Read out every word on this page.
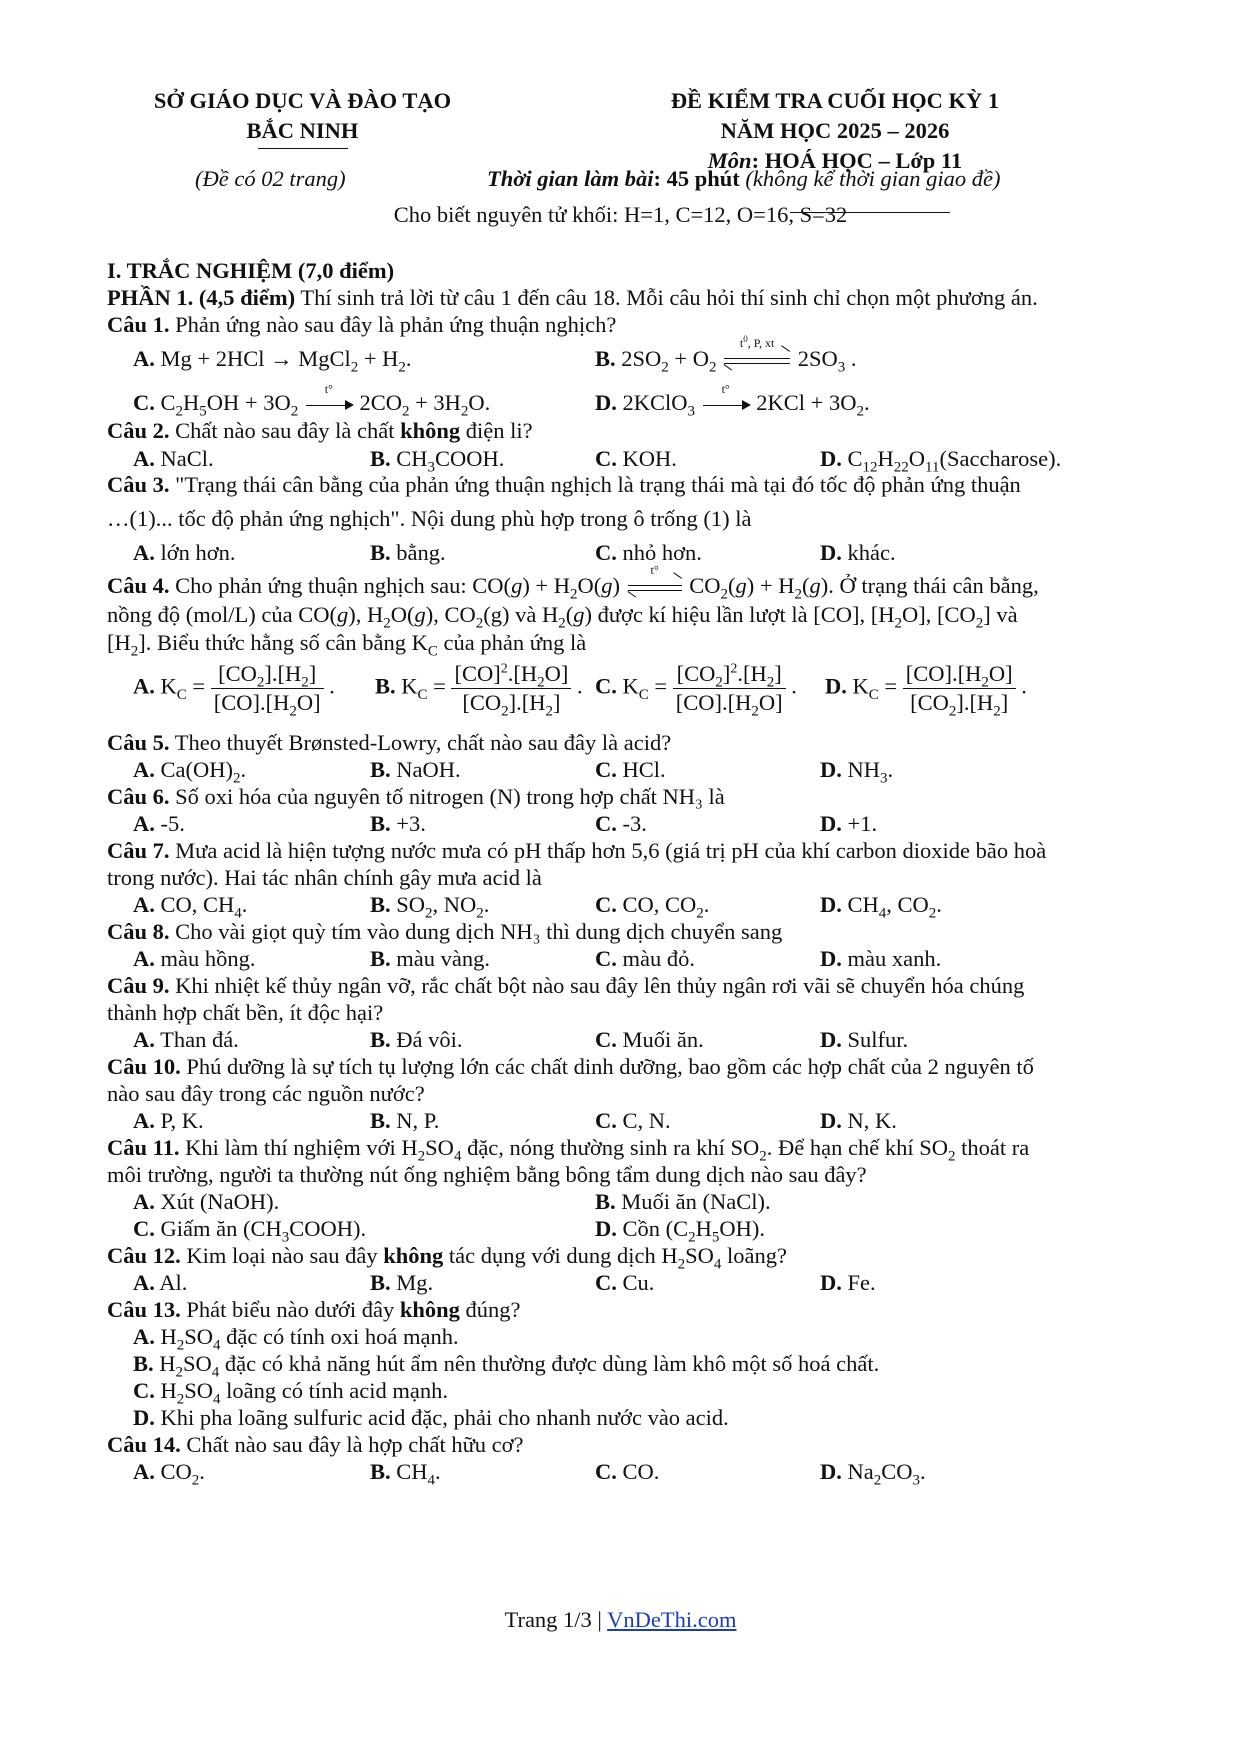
SỞ GIÁO DỤC VÀ ĐÀO TẠO
BẮC NINH
(Đề có 02 trang)
ĐỀ KIỂM TRA CUỐI HỌC KỲ 1
NĂM HỌC 2025 – 2026
Môn: HOÁ HỌC – Lớp 11
Thời gian làm bài: 45 phút (không kể thời gian giao đề)
Cho biết nguyên tử khối: H=1, C=12, O=16, S=32
I. TRẮC NGHIỆM (7,0 điểm)
PHẦN 1. (4,5 điểm) Thí sinh trả lời từ câu 1 đến câu 18. Mỗi câu hỏi thí sinh chỉ chọn một phương án.
Câu 1. Phản ứng nào sau đây là phản ứng thuận nghịch?
A. Mg + 2HCl → MgCl$_2$ + $H_2$.	B. $2SO_2 + O_2$
$t^0$, P, xt
$2SO_3$ .
C. $C_2H_5OH + 3O_2$
t°
$2CO_2 + 3H_2O$.	D. 2KClO$_3$
t°
$2KCl + 3O_2$.
Câu 2. Chất nào sau đây là chất không điện li?
A. NaCl.	B. $CH_3COOH$.	C. KOH.	D. $C_{12}H_{22}O_{11}(Saccharose)$.
Câu 3. "Trạng thái cân bằng của phản ứng thuận nghịch là trạng thái mà tại đó tốc độ phản ứng thuận
…(1)... tốc độ phản ứng nghịch". Nội dung phù hợp trong ô trống (1) là
A. lớn hơn.	B. bằng.	C. nhỏ hơn.	D. khác.
Câu 4. Cho phản ứng thuận nghịch sau: $CO(g) + H_2O(g)$
t°
$CO_2(g) + H_2(g)$. Ở trạng thái cân bằng,
nồng độ (mol/L) của CO(g), $H_2O(g)$, $CO_2(g)$ và $H_2(g)$ được kí hiệu lần lượt là [CO], $[H_2O]$, $[CO_2]$ và
$[H_2]$. Biểu thức hằng số cân bằng $K_C$ của phản ứng là
A. $K_C = \frac{[CO_2].[H_2]}{[CO].[H_2O]}$ . B. $K_C = \frac{[CO]^2.[H_2O]}{[CO_2].[H_2]}$ . C. $K_C = \frac{[CO_2]^2.[H_2]}{[CO].[H_2O]}$ . D. $K_C = \frac{[CO].[H_2O]}{[CO_2].[H_2]}$ .
Câu 5. Theo thuyết Brønsted-Lowry, chất nào sau đây là acid?
A. $Ca(OH)_2$.	B. NaOH.	C. HCl.	D. $NH_3$.
Câu 6. Số oxi hóa của nguyên tố nitrogen (N) trong hợp chất NH₃ là
A. -5.	B. +3.	C. -3.	D. +1.
Câu 7. Mưa acid là hiện tượng nước mưa có pH thấp hơn 5,6 (giá trị pH của khí carbon dioxide bão hoà
trong nước). Hai tác nhân chính gây mưa acid là
A. CO, $CH_4$.	B. $SO_2$, $NO_2$.	C. CO, $CO_2$.	D. $CH_4$, $CO_2$.
Câu 8. Cho vài giọt quỳ tím vào dung dịch NH₃ thì dung dịch chuyển sang
A. màu hồng.	B. màu vàng.	C. màu đỏ.	D. màu xanh.
Câu 9. Khi nhiệt kế thủy ngân vỡ, rắc chất bột nào sau đây lên thủy ngân rơi vãi sẽ chuyển hóa chúng
thành hợp chất bền, ít độc hại?
A. Than đá.	B. Đá vôi.	C. Muối ăn.	D. Sulfur.
Câu 10. Phú dưỡng là sự tích tụ lượng lớn các chất dinh dưỡng, bao gồm các hợp chất của 2 nguyên tố
nào sau đây trong các nguồn nước?
A. P, K.	B. N, P.	C. C, N.	D. N, K.
Câu 11. Khi làm thí nghiệm với $H_2SO_4$ đặc, nóng thường sinh ra khí $SO_2$. Để hạn chế khí $SO_2$ thoát ra
môi trường, người ta thường nút ống nghiệm bằng bông tẩm dung dịch nào sau đây?
A. Xút (NaOH).	B. Muối ăn (NaCl).
C. Giấm ăn $(CH_3COOH)$.	D. Cồn $(C_2H_5OH)$.
Câu 12. Kim loại nào sau đây không tác dụng với dung dịch $H_2SO_4$ loãng?
A. Al.	B. Mg.	C. Cu.	D. Fe.
Câu 13. Phát biểu nào dưới đây không đúng?
A. $H_2SO_4$ đặc có tính oxi hoá mạnh.
B. $H_2SO_4$ đặc có khả năng hút ẩm nên thường được dùng làm khô một số hoá chất.
C. $H_2SO_4$ loãng có tính acid mạnh.
D. Khi pha loãng sulfuric acid đặc, phải cho nhanh nước vào acid.
Câu 14. Chất nào sau đây là hợp chất hữu cơ?
A. $CO_2$.	B. $CH_4$.	C. CO.	D. $Na_2CO_3$.
Trang 1/3 | VnDeThi.com
